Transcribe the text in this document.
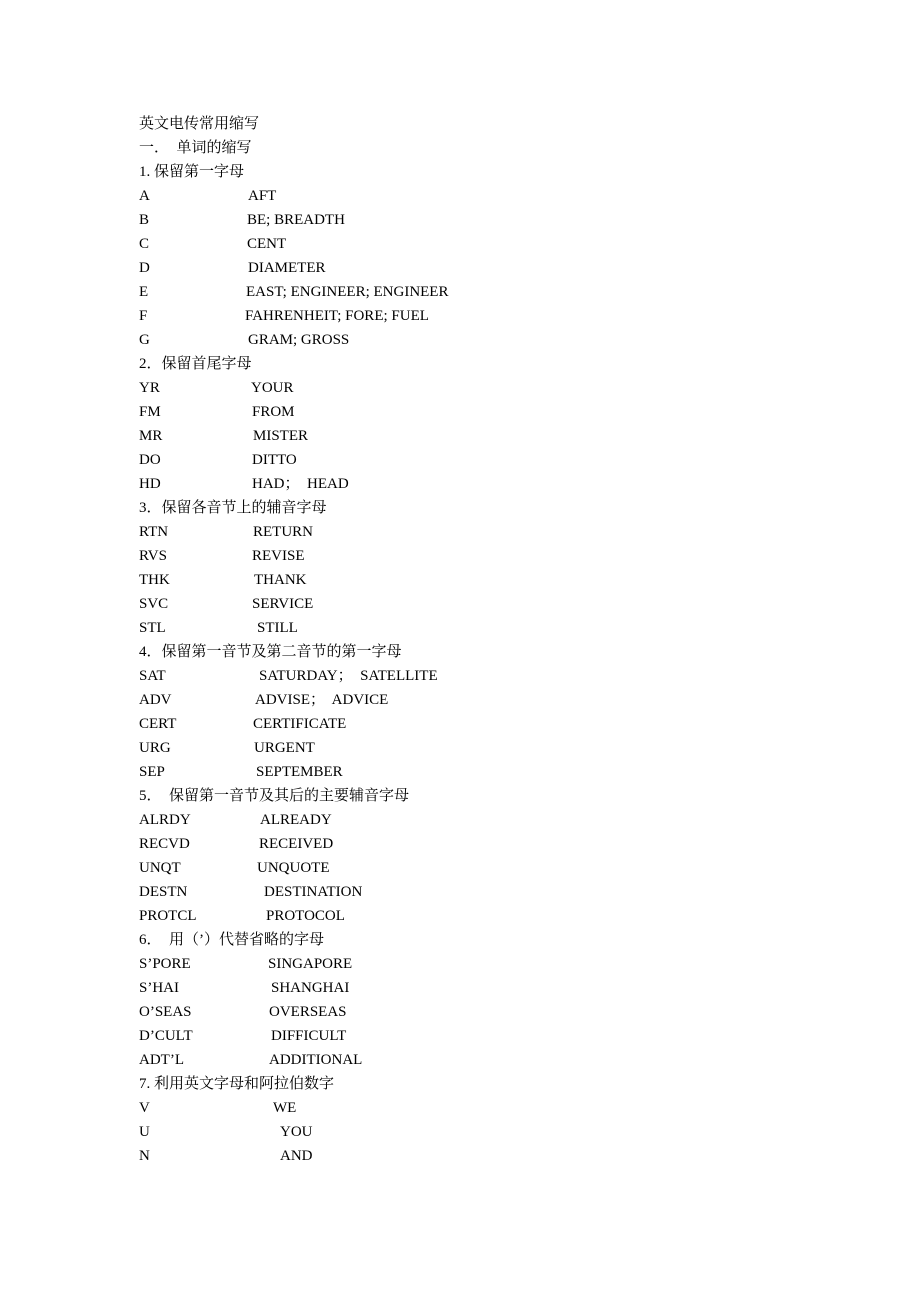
英文电传常用缩写
一．  单词的缩写
1. 保留第一字母
A	AFT
B	BE; BREADTH
C	CENT
D	DIAMETER
E	EAST; ENGINEER; ENGINEER
F	FAHRENHEIT; FORE; FUEL
G	GRAM; GROSS
2．保留首尾字母
YR	YOUR
FM	FROM
MR	MISTER
DO	DITTO
HD	HAD；  HEAD
3．保留各音节上的辅音字母
RTN	RETURN
RVS	REVISE
THK	THANK
SVC	SERVICE
STL	STILL
4．保留第一音节及第二音节的第一字母
SAT	SATURDAY；  SATELLITE
ADV	ADVISE；  ADVICE
CERT	CERTIFICATE
URG	URGENT
SEP	SEPTEMBER
5．  保留第一音节及其后的主要辅音字母
ALRDY	ALREADY
RECVD	RECEIVED
UNQT	UNQUOTE
DESTN	DESTINATION
PROTCL	PROTOCOL
6．  用（’）代替省略的字母
S’PORE	SINGAPORE
S’HAI	SHANGHAI
O’SEAS	OVERSEAS
D’CULT	DIFFICULT
ADT’L	ADDITIONAL
7. 利用英文字母和阿拉伯数字
V	WE
U	YOU
N	AND
